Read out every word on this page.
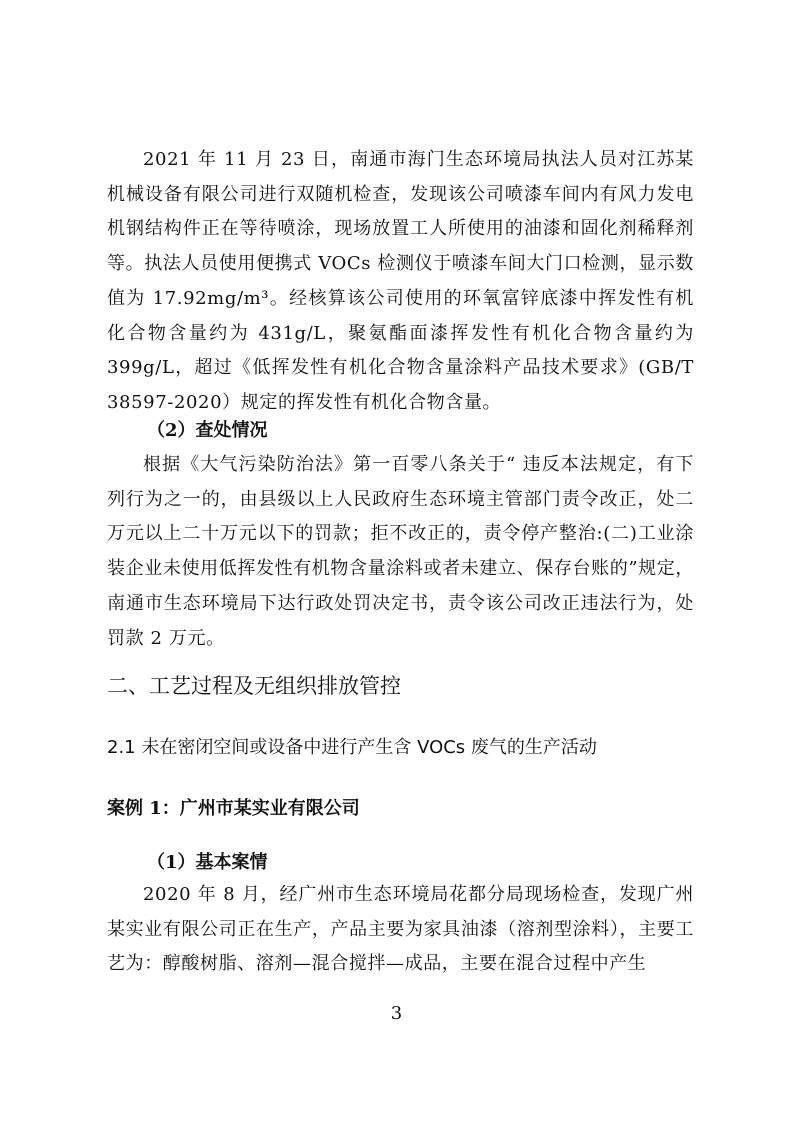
2021 年 11 月 23 日，南通市海门生态环境局执法人员对江苏某机械设备有限公司进行双随机检查，发现该公司喷漆车间内有风力发电机钢结构件正在等待喷涂，现场放置工人所使用的油漆和固化剂稀释剂等。执法人员使用便携式 VOCs 检测仪于喷漆车间大门口检测，显示数值为 17.92mg/m³。经核算该公司使用的环氧富锌底漆中挥发性有机化合物含量约为 431g/L，聚氨酯面漆挥发性有机化合物含量约为 399g/L，超过《低挥发性有机化合物含量涂料产品技术要求》(GB/T 38597-2020）规定的挥发性有机化合物含量。

（2）查处情况

根据《大气污染防治法》第一百零八条关于“ 违反本法规定，有下列行为之一的，由县级以上人民政府生态环境主管部门责令改正，处二万元以上二十万元以下的罚款；拒不改正的，责令停产整治:(二)工业涂装企业未使用低挥发性有机物含量涂料或者未建立、保存台账的”规定，南通市生态环境局下达行政处罚决定书，责令该公司改正违法行为，处罚款 2 万元。

二、工艺过程及无组织排放管控

2.1 未在密闭空间或设备中进行产生含 VOCs 废气的生产活动

案例 1：广州市某实业有限公司

（1）基本案情

2020 年 8 月，经广州市生态环境局花都分局现场检查，发现广州某实业有限公司正在生产，产品主要为家具油漆（溶剂型涂料），主要工艺为：醇酸树脂、溶剂—混合搅拌—成品，主要在混合过程中产生

3
